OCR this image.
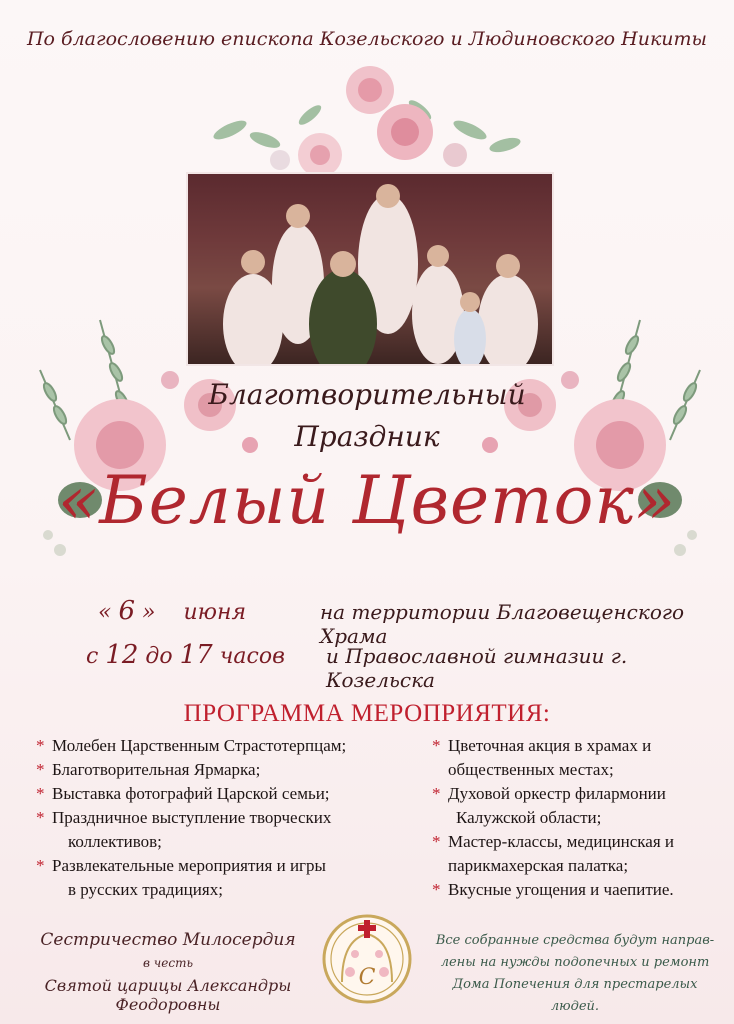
По благословению епископа Козельского и Людиновского Никиты
Благотворительный
Праздник
«Белый Цветок»
« 6 » июня
с 12 до 17 часов
на территории Благовещенского Храма
и Православной гимназии г. Козельска
ПРОГРАММА МЕРОПРИЯТИЯ:
* Молебен Царственным Страстотерпцам;
* Благотворительная Ярмарка;
* Выставка фотографий Царской семьи;
* Праздничное выступление творческих
коллективов;
* Развлекательные мероприятия и игры
в русских традициях;
* Цветочная акция в храмах и
общественных местах;
* Духовой оркестр филармонии
Калужской области;
* Мастер-классы, медицинская и
парикмахерская палатка;
* Вкусные угощения и чаепитие.
Сестричество Милосердия
в честь
Святой царицы Александры Феодоровны
С
Все собранные средства будут направ-
лены на нужды подопечных и ремонт
Дома Попечения для престарелых людей.
